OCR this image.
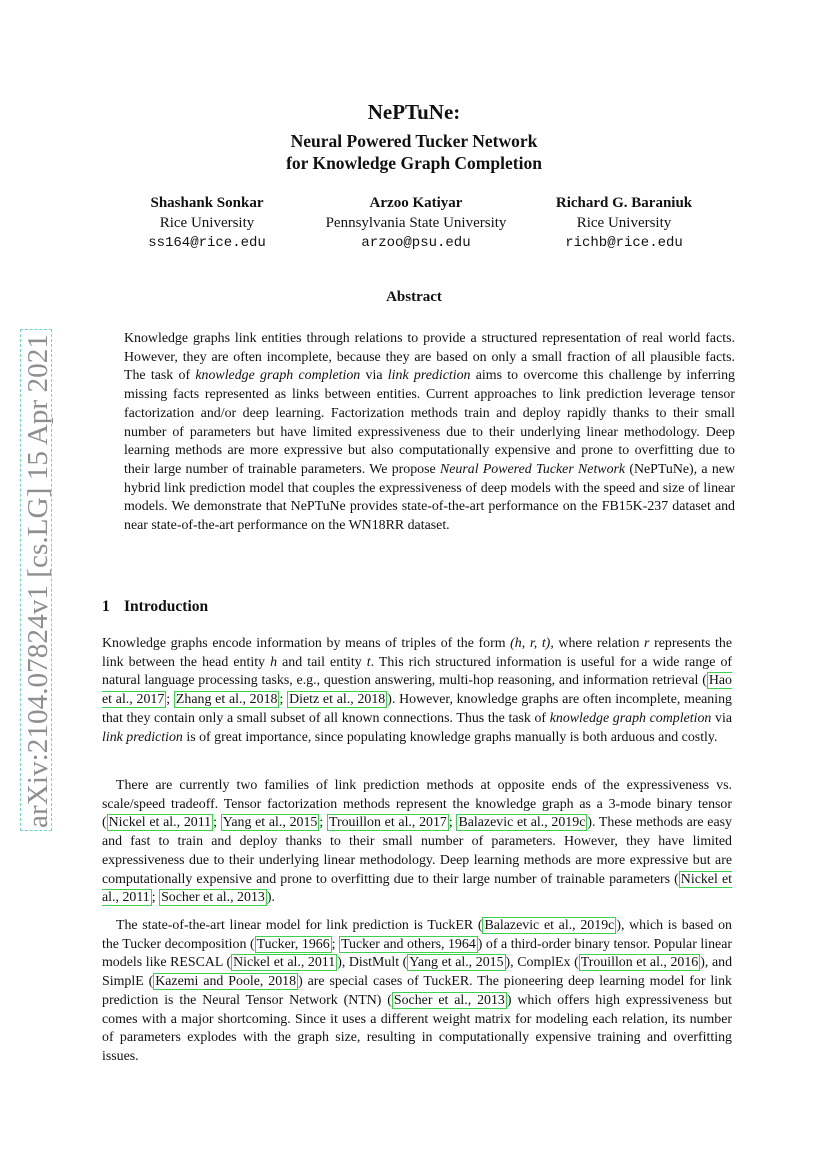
arXiv:2104.07824v1 [cs.LG] 15 Apr 2021
NePTuNe:
Neural Powered Tucker Network
for Knowledge Graph Completion
Shashank Sonkar
Rice University
ss164@rice.edu
Arzoo Katiyar
Pennsylvania State University
arzoo@psu.edu
Richard G. Baraniuk
Rice University
richb@rice.edu
Abstract
Knowledge graphs link entities through relations to provide a structured representation of real world facts. However, they are often incomplete, because they are based on only a small fraction of all plausible facts. The task of knowledge graph completion via link prediction aims to overcome this challenge by inferring missing facts represented as links between entities. Current approaches to link prediction leverage tensor factorization and/or deep learning. Factorization methods train and deploy rapidly thanks to their small number of parameters but have limited expressiveness due to their underlying linear methodology. Deep learning methods are more expressive but also computationally expensive and prone to overfitting due to their large number of trainable parameters. We propose Neural Powered Tucker Network (NePTuNe), a new hybrid link prediction model that couples the expressiveness of deep models with the speed and size of linear models. We demonstrate that NePTuNe provides state-of-the-art performance on the FB15K-237 dataset and near state-of-the-art performance on the WN18RR dataset.
1 Introduction
Knowledge graphs encode information by means of triples of the form (h, r, t), where relation r represents the link between the head entity h and tail entity t. This rich structured information is useful for a wide range of natural language processing tasks, e.g., question answering, multi-hop reasoning, and information retrieval ( Hao et al., 2017 ; Zhang et al., 2018 ; Dietz et al., 2018 ). However, knowledge graphs are often incomplete, meaning that they contain only a small subset of all known connections. Thus the task of knowledge graph completion via link prediction is of great importance, since populating knowledge graphs manually is both arduous and costly.
There are currently two families of link prediction methods at opposite ends of the expressiveness vs. scale/speed tradeoff. Tensor factorization methods represent the knowledge graph as a 3-mode binary tensor ( Nickel et al., 2011 ; Yang et al., 2015 ; Trouillon et al., 2017 ; Balazevic et al., 2019c ). These methods are easy and fast to train and deploy thanks to their small number of parameters. However, they have limited expressiveness due to their underlying linear methodology. Deep learning methods are more expressive but are computationally expensive and prone to overfitting due to their large number of trainable parameters ( Nickel et al., 2011 ; Socher et al., 2013 ).
The state-of-the-art linear model for link prediction is TuckER ( Balazevic et al., 2019c ), which is based on the Tucker decomposition ( Tucker, 1966 ; Tucker and others, 1964 ) of a third-order binary tensor. Popular linear models like RESCAL ( Nickel et al., 2011 ), DistMult ( Yang et al., 2015 ), ComplEx ( Trouillon et al., 2016 ), and SimplE ( Kazemi and Poole, 2018 ) are special cases of TuckER. The pioneering deep learning model for link prediction is the Neural Tensor Network (NTN) ( Socher et al., 2013 ) which offers high expressiveness but comes with a major shortcoming. Since it uses a different weight matrix for modeling each relation, its number of parameters explodes with the graph size, resulting in computationally expensive training and overfitting issues.
